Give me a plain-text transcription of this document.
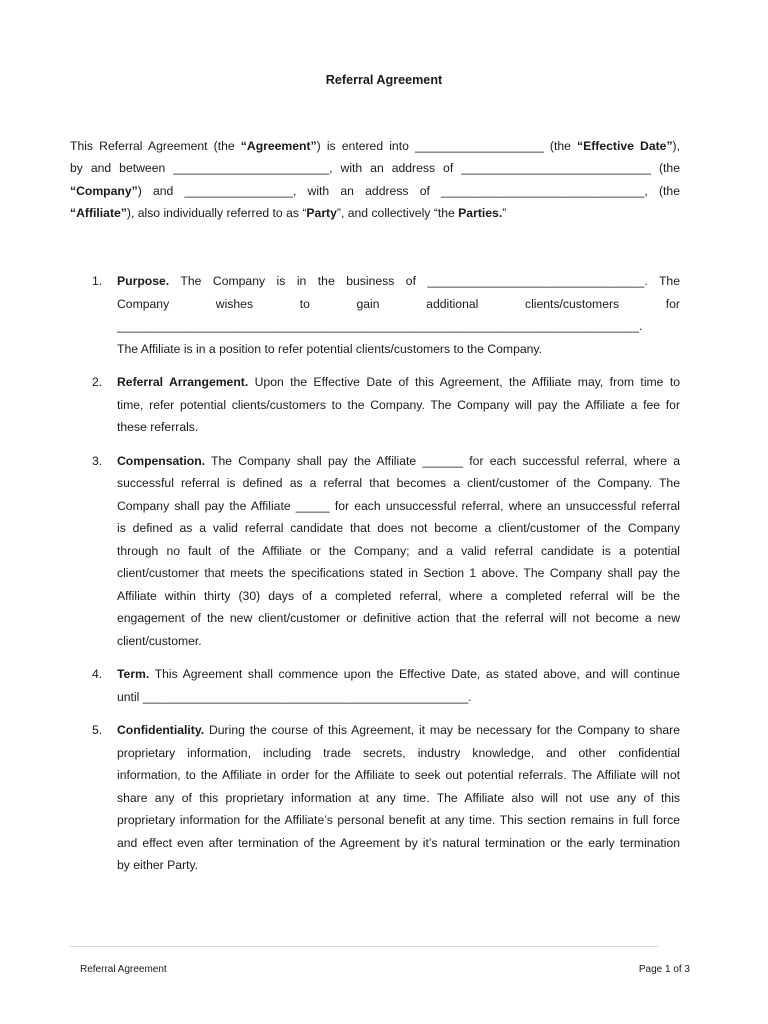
Referral Agreement
This Referral Agreement (the “Agreement”) is entered into ___________________ (the “Effective Date”),
by and between _______________________, with an address of ____________________________ (the
“Company”) and ________________, with an address of ______________________________, (the
“Affiliate”), also individually referred to as “Party”, and collectively “the Parties.”
1. Purpose. The Company is in the business of ________________________________. The
Company wishes to gain additional clients/customers for
_____________________________________________________________________________.
The Affiliate is in a position to refer potential clients/customers to the Company.
2. Referral Arrangement. Upon the Effective Date of this Agreement, the Affiliate may, from time to
time, refer potential clients/customers to the Company. The Company will pay the Affiliate a fee for
these referrals.
3. Compensation. The Company shall pay the Affiliate ______ for each successful referral, where a
successful referral is defined as a referral that becomes a client/customer of the Company. The
Company shall pay the Affiliate _____ for each unsuccessful referral, where an unsuccessful referral
is defined as a valid referral candidate that does not become a client/customer of the Company
through no fault of the Affiliate or the Company; and a valid referral candidate is a potential
client/customer that meets the specifications stated in Section 1 above. The Company shall pay the
Affiliate within thirty (30) days of a completed referral, where a completed referral will be the
engagement of the new client/customer or definitive action that the referral will not become a new
client/customer.
4. Term. This Agreement shall commence upon the Effective Date, as stated above, and will continue
until ________________________________________________.
5. Confidentiality. During the course of this Agreement, it may be necessary for the Company to share
proprietary information, including trade secrets, industry knowledge, and other confidential
information, to the Affiliate in order for the Affiliate to seek out potential referrals. The Affiliate will not
share any of this proprietary information at any time. The Affiliate also will not use any of this
proprietary information for the Affiliate’s personal benefit at any time. This section remains in full force
and effect even after termination of the Agreement by it’s natural termination or the early termination
by either Party.
Referral Agreement	Page 1 of 3
